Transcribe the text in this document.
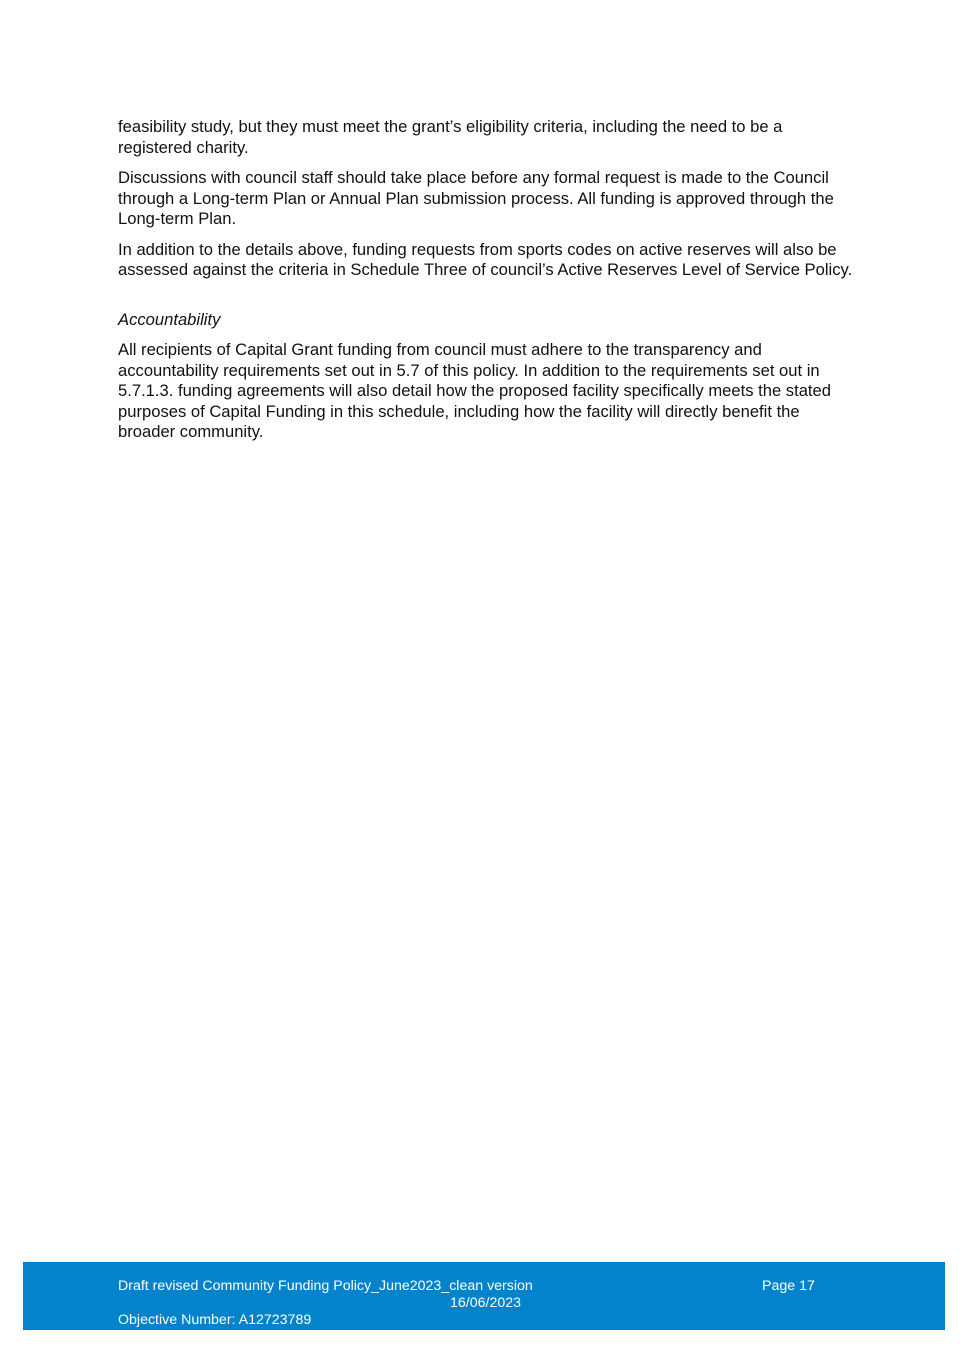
feasibility study, but they must meet the grant’s eligibility criteria, including the need to be a registered charity.

Discussions with council staff should take place before any formal request is made to the Council through a Long-term Plan or Annual Plan submission process. All funding is approved through the Long-term Plan.

In addition to the details above, funding requests from sports codes on active reserves will also be assessed against the criteria in Schedule Three of council’s Active Reserves Level of Service Policy.

Accountability

All recipients of Capital Grant funding from council must adhere to the transparency and accountability requirements set out in 5.7 of this policy. In addition to the requirements set out in 5.7.1.3. funding agreements will also detail how the proposed facility specifically meets the stated purposes of Capital Funding in this schedule, including how the facility will directly benefit the broader community.

Draft revised Community Funding Policy_June2023_clean version	Page 17
16/06/2023
Objective Number: A12723789
